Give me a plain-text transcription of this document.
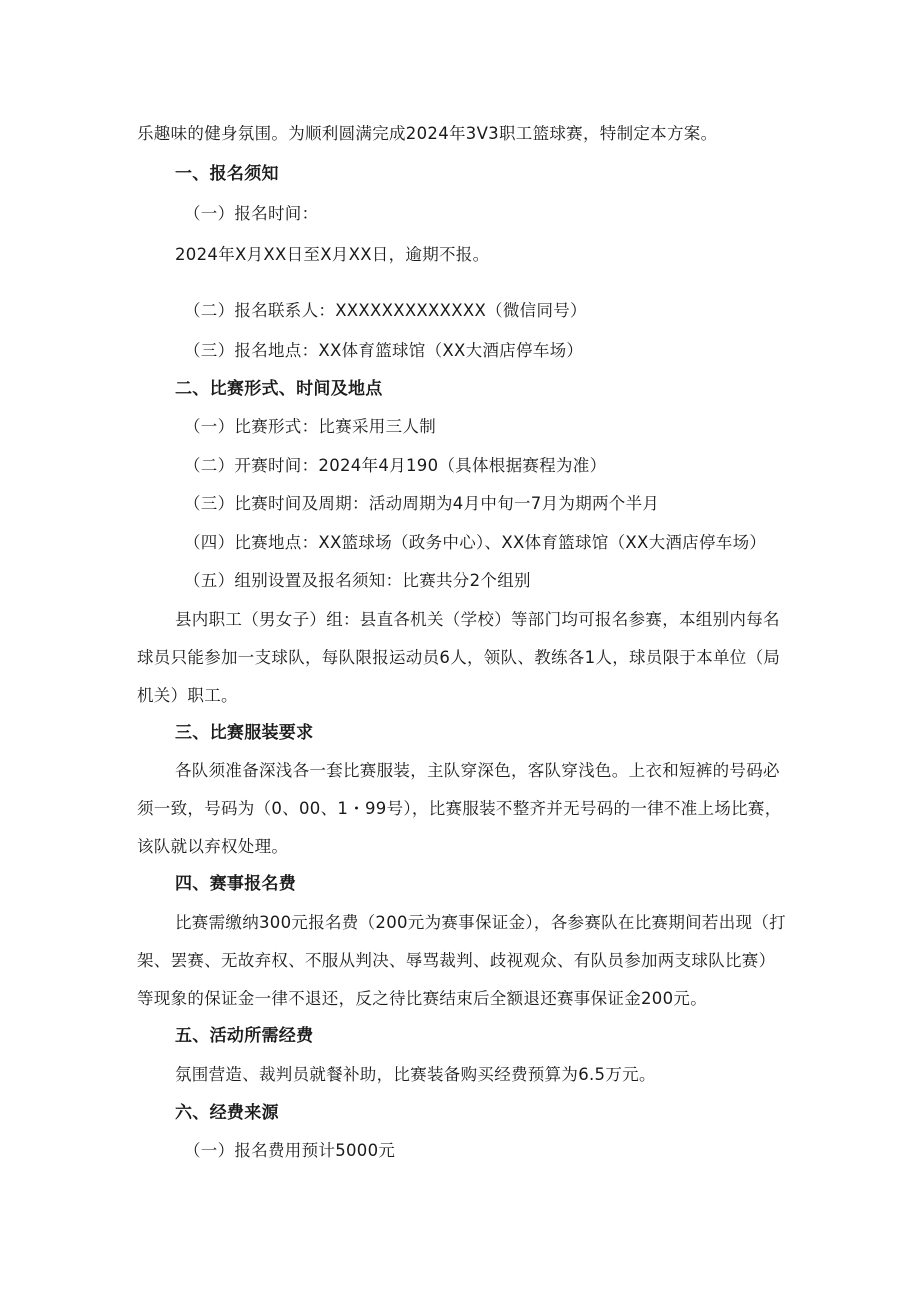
乐趣味的健身氛围。为顺利圆满完成2024年3V3职工篮球赛，特制定本方案。

一、报名须知

（一）报名时间：

2024年X月XX日至X月XX日，逾期不报。

（二）报名联系人：XXXXXXXXXXXXX（微信同号）

（三）报名地点：XX体育篮球馆（XX大酒店停车场）

二、比赛形式、时间及地点

（一）比赛形式：比赛采用三人制

（二）开赛时间：2024年4月190（具体根据赛程为准）

（三）比赛时间及周期：活动周期为4月中旬一7月为期两个半月

（四）比赛地点：XX篮球场（政务中心）、XX体育篮球馆（XX大酒店停车场）

（五）组别设置及报名须知：比赛共分2个组别

县内职工（男女子）组：县直各机关（学校）等部门均可报名参赛，本组别内每名

球员只能参加一支球队，每队限报运动员6人，领队、教练各1人，球员限于本单位（局

机关）职工。

三、比赛服装要求

各队须准备深浅各一套比赛服装，主队穿深色，客队穿浅色。上衣和短裤的号码必

须一致，号码为（0、00、1・99号），比赛服装不整齐并无号码的一律不准上场比赛，

该队就以弃权处理。

四、赛事报名费

比赛需缴纳300元报名费（200元为赛事保证金），各参赛队在比赛期间若出现（打

架、罢赛、无故弃权、不服从判决、辱骂裁判、歧视观众、有队员参加两支球队比赛）

等现象的保证金一律不退还，反之待比赛结束后全额退还赛事保证金200元。

五、活动所需经费

氛围营造、裁判员就餐补助，比赛装备购买经费预算为6.5万元。

六、经费来源

（一）报名费用预计5000元
